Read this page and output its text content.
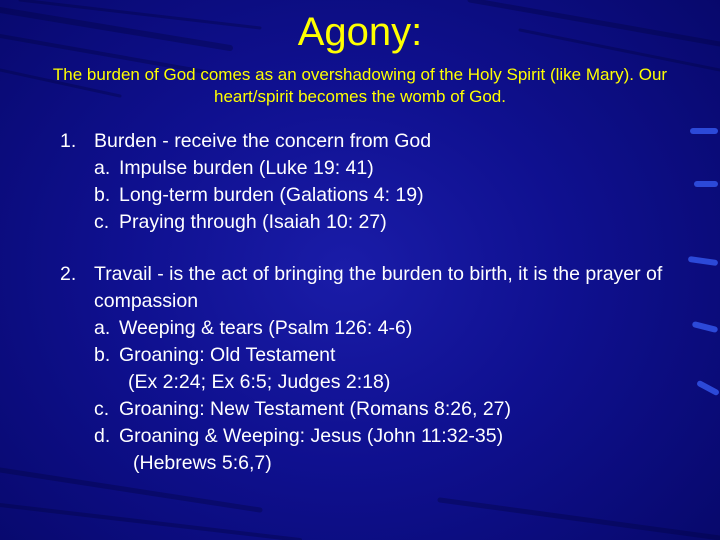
Agony:

The burden of God comes as an overshadowing of the Holy Spirit (like Mary). Our heart/spirit becomes the womb of God.

1. Burden - receive the concern from God
a. Impulse burden (Luke 19: 41)
b. Long-term burden (Galations 4: 19)
c. Praying through (Isaiah 10: 27)
2. Travail - is the act of bringing the burden to birth, it is the prayer of compassion
a. Weeping & tears (Psalm 126: 4-6)
b. Groaning: Old Testament
(Ex 2:24; Ex 6:5; Judges 2:18)
c. Groaning: New Testament (Romans 8:26, 27)
d. Groaning & Weeping: Jesus (John 11:32-35)
(Hebrews 5:6,7)
